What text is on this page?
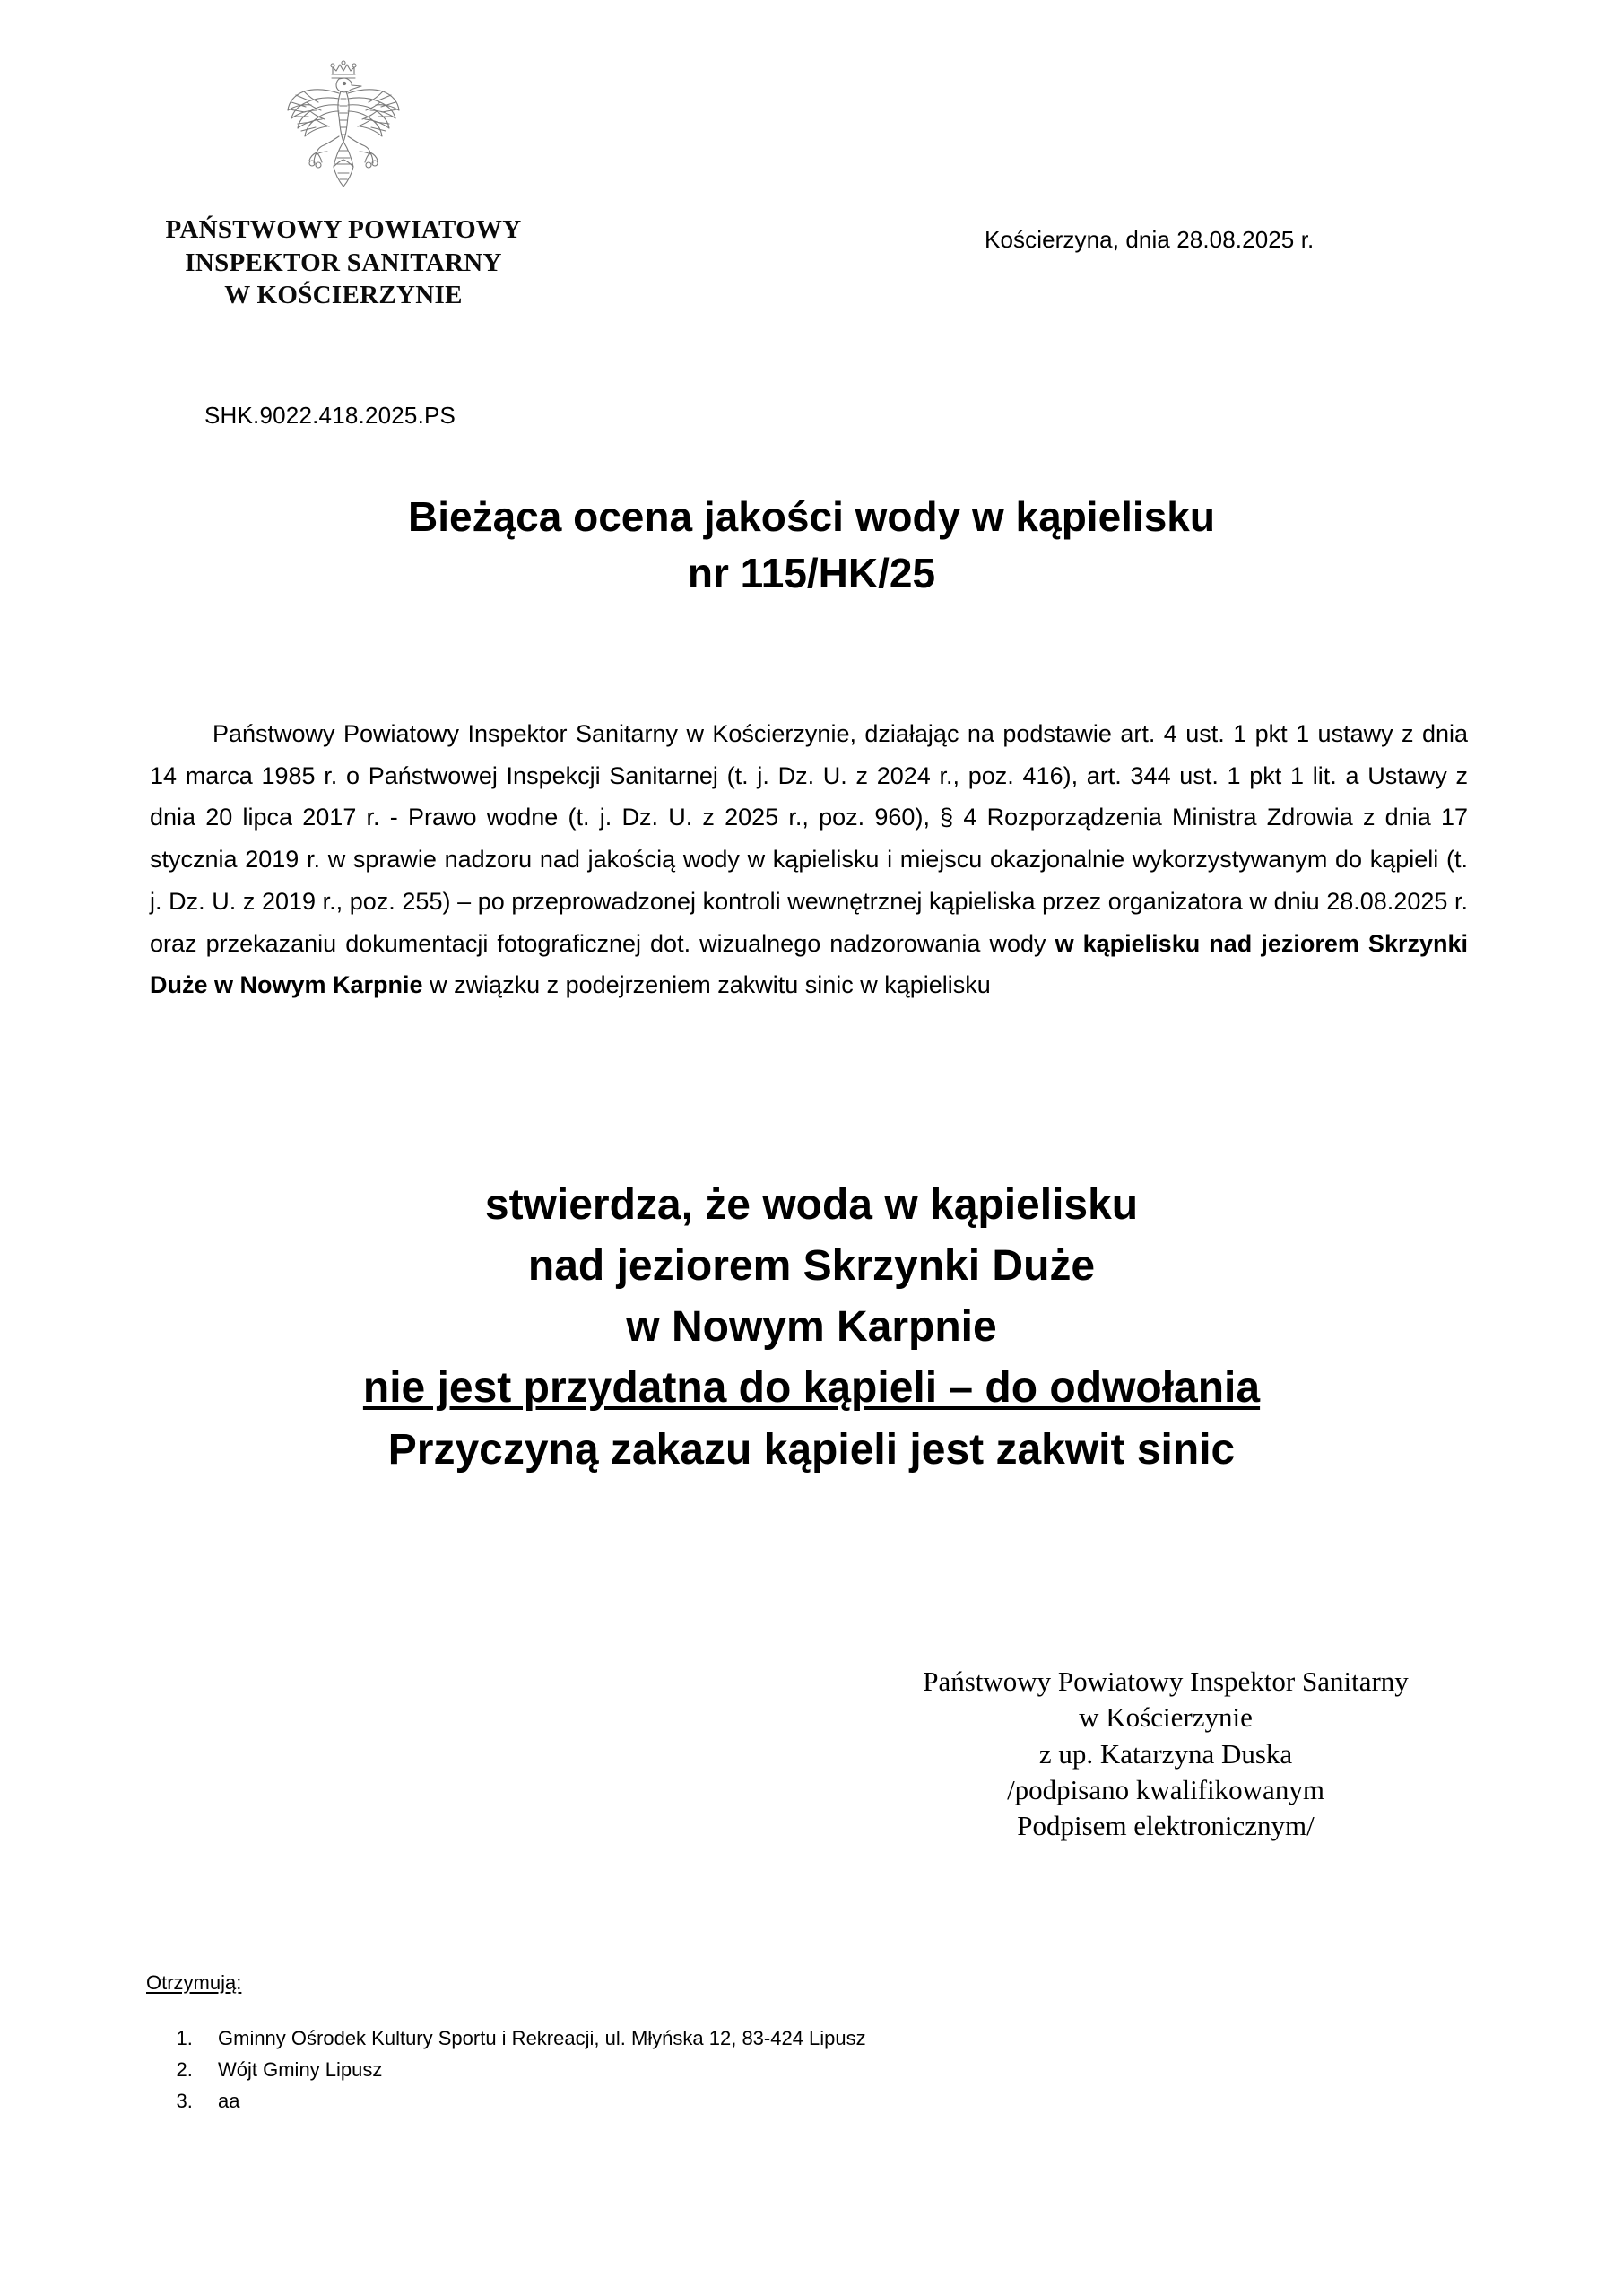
PAŃSTWOWY POWIATOWY
INSPEKTOR SANITARNY
W KOŚCIERZYNIE
Kościerzyna, dnia 28.08.2025 r.
SHK.9022.418.2025.PS
Bieżąca ocena jakości wody w kąpielisku
nr 115/HK/25
Państwowy Powiatowy Inspektor Sanitarny w Kościerzynie, działając na podstawie art. 4 ust. 1 pkt 1 ustawy z dnia 14 marca 1985 r. o Państwowej Inspekcji Sanitarnej (t. j. Dz. U. z 2024 r., poz. 416), art. 344 ust. 1 pkt 1 lit. a Ustawy z dnia 20 lipca 2017 r. - Prawo wodne (t. j. Dz. U. z 2025 r., poz. 960), § 4 Rozporządzenia Ministra Zdrowia z dnia 17 stycznia 2019 r. w sprawie nadzoru nad jakością wody w kąpielisku i miejscu okazjonalnie wykorzystywanym do kąpieli (t. j. Dz. U. z 2019 r., poz. 255) – po przeprowadzonej kontroli wewnętrznej kąpieliska przez organizatora w dniu 28.08.2025 r. oraz przekazaniu dokumentacji fotograficznej dot. wizualnego nadzorowania wody w kąpielisku nad jeziorem Skrzynki Duże w Nowym Karpnie w związku z podejrzeniem zakwitu sinic w kąpielisku
stwierdza, że woda w kąpielisku
nad jeziorem Skrzynki Duże
w Nowym Karpnie
nie jest przydatna do kąpieli – do odwołania
Przyczyną zakazu kąpieli jest zakwit sinic
Państwowy Powiatowy Inspektor Sanitarny
w Kościerzynie
z up. Katarzyna Duska
/podpisano kwalifikowanym
Podpisem elektronicznym/
Otrzymują:
1. Gminny Ośrodek Kultury Sportu i Rekreacji, ul. Młyńska 12, 83-424 Lipusz
2. Wójt Gminy Lipusz
3. aa
